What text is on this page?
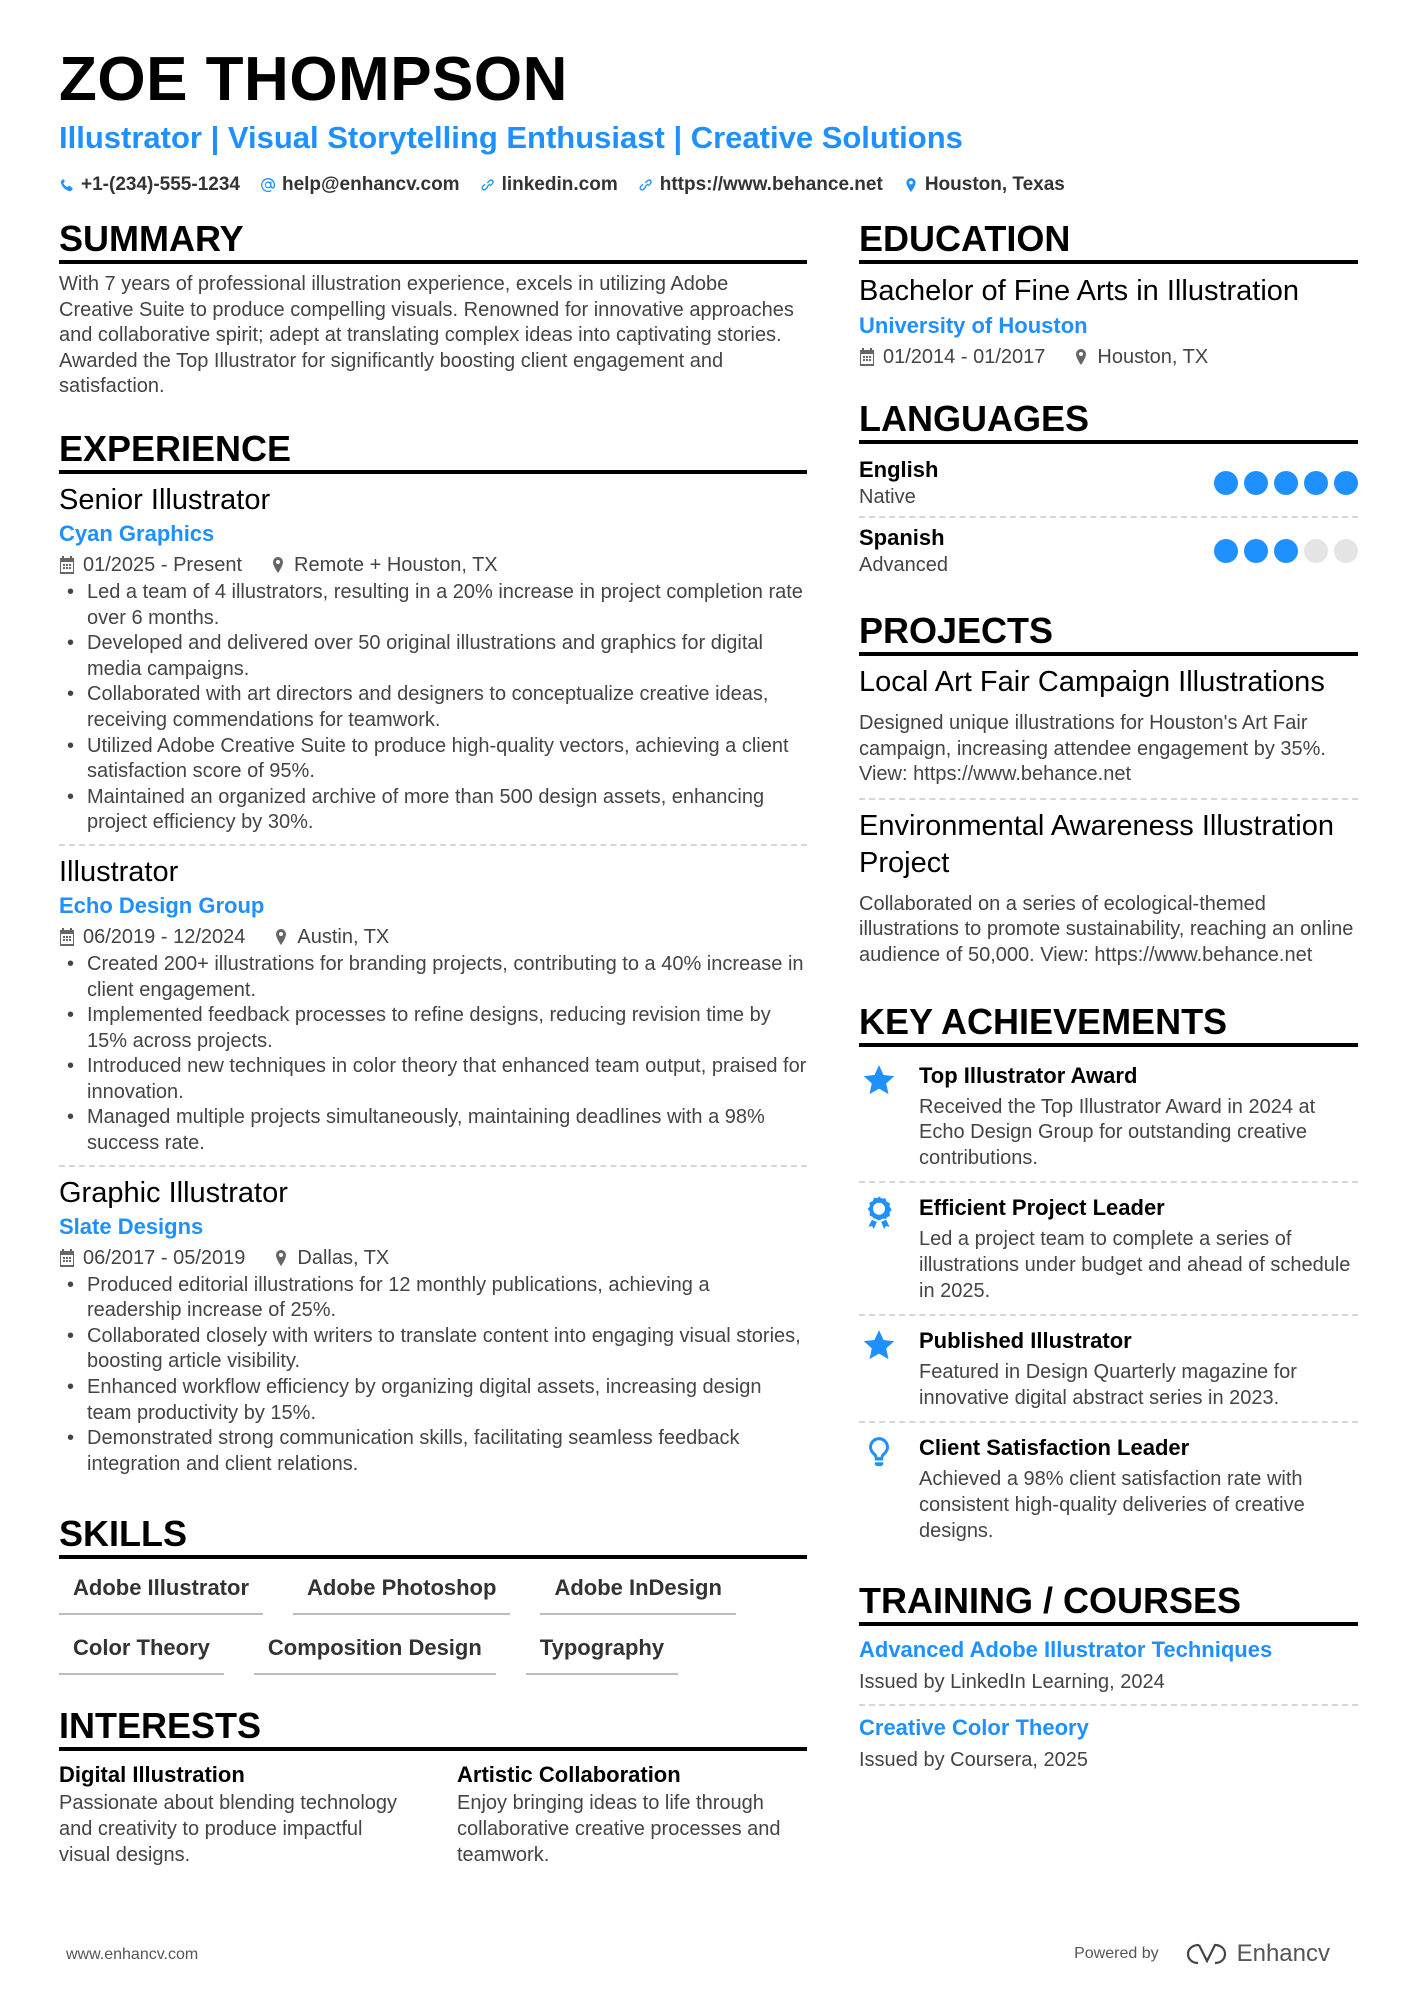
ZOE THOMPSON
Illustrator | Visual Storytelling Enthusiast | Creative Solutions
+1-(234)-555-1234 help@enhancv.com linkedin.com https://www.behance.net Houston, Texas
SUMMARY
With 7 years of professional illustration experience, excels in utilizing Adobe Creative Suite to produce compelling visuals. Renowned for innovative approaches and collaborative spirit; adept at translating complex ideas into captivating stories. Awarded the Top Illustrator for significantly boosting client engagement and satisfaction.
EXPERIENCE
Senior Illustrator
Cyan Graphics
01/2025 - Present	Remote + Houston, TX
• Led a team of 4 illustrators, resulting in a 20% increase in project completion rate over 6 months.
• Developed and delivered over 50 original illustrations and graphics for digital media campaigns.
• Collaborated with art directors and designers to conceptualize creative ideas, receiving commendations for teamwork.
• Utilized Adobe Creative Suite to produce high-quality vectors, achieving a client satisfaction score of 95%.
• Maintained an organized archive of more than 500 design assets, enhancing project efficiency by 30%.
Illustrator
Echo Design Group
06/2019 - 12/2024	Austin, TX
• Created 200+ illustrations for branding projects, contributing to a 40% increase in client engagement.
• Implemented feedback processes to refine designs, reducing revision time by 15% across projects.
• Introduced new techniques in color theory that enhanced team output, praised for innovation.
• Managed multiple projects simultaneously, maintaining deadlines with a 98% success rate.
Graphic Illustrator
Slate Designs
06/2017 - 05/2019	Dallas, TX
• Produced editorial illustrations for 12 monthly publications, achieving a readership increase of 25%.
• Collaborated closely with writers to translate content into engaging visual stories, boosting article visibility.
• Enhanced workflow efficiency by organizing digital assets, increasing design team productivity by 15%.
• Demonstrated strong communication skills, facilitating seamless feedback integration and client relations.
SKILLS
Adobe Illustrator	Adobe Photoshop	Adobe InDesign
Color Theory	Composition Design	Typography
INTERESTS
Digital Illustration
Passionate about blending technology and creativity to produce impactful visual designs.
Artistic Collaboration
Enjoy bringing ideas to life through collaborative creative processes and teamwork.
EDUCATION
Bachelor of Fine Arts in Illustration
University of Houston
01/2014 - 01/2017	Houston, TX
LANGUAGES
English
Native
Spanish
Advanced
PROJECTS
Local Art Fair Campaign Illustrations
Designed unique illustrations for Houston's Art Fair campaign, increasing attendee engagement by 35%. View: https://www.behance.net
Environmental Awareness Illustration Project
Collaborated on a series of ecological-themed illustrations to promote sustainability, reaching an online audience of 50,000. View: https://www.behance.net
KEY ACHIEVEMENTS
Top Illustrator Award
Received the Top Illustrator Award in 2024 at Echo Design Group for outstanding creative contributions.
1 Efficient Project Leader
Led a project team to complete a series of illustrations under budget and ahead of schedule in 2025.
Published Illustrator
Featured in Design Quarterly magazine for innovative digital abstract series in 2023.
Client Satisfaction Leader
Achieved a 98% client satisfaction rate with consistent high-quality deliveries of creative designs.
TRAINING / COURSES
Advanced Adobe Illustrator Techniques
Issued by LinkedIn Learning, 2024
Creative Color Theory
Issued by Coursera, 2025
www.enhancv.com	Powered by	Enhancv
